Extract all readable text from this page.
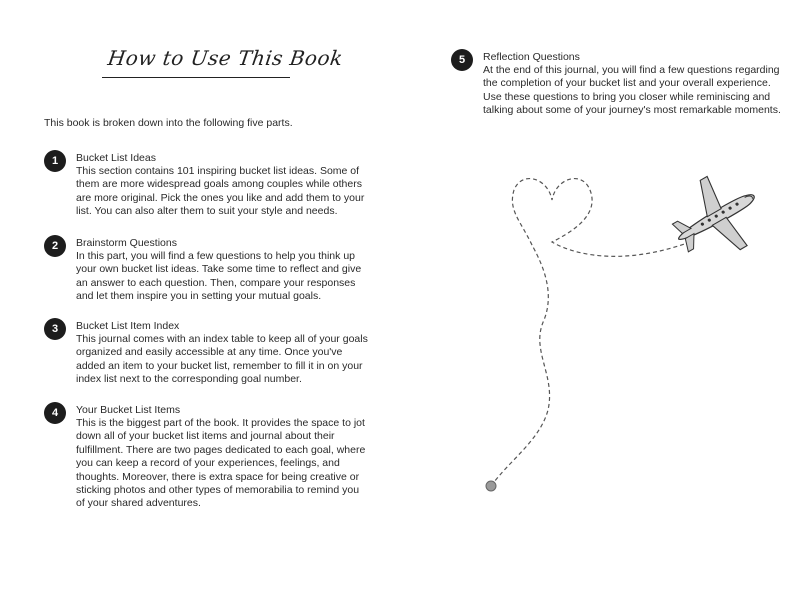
How to Use This Book
This book is broken down into the following five parts.
1	Bucket List Ideas
This section contains 101 inspiring bucket list ideas. Some of them are more widespread goals among couples while others are more original. Pick the ones you like and add them to your list. You can also alter them to suit your style and needs.
2	Brainstorm Questions
In this part, you will find a few questions to help you think up your own bucket list ideas. Take some time to reflect and give an answer to each question. Then, compare your responses and let them inspire you in setting your mutual goals.
3	Bucket List Item Index
This journal comes with an index table to keep all of your goals organized and easily accessible at any time. Once you've added an item to your bucket list, remember to fill it in on your index list next to the corresponding goal number.
4	Your Bucket List Items
This is the biggest part of the book. It provides the space to jot down all of your bucket list items and journal about their fulfillment. There are two pages dedicated to each goal, where you can keep a record of your experiences, feelings, and thoughts. Moreover, there is extra space for being creative or sticking photos and other types of memorabilia to remind you of your shared adventures.
5	Reflection Questions
At the end of this journal, you will find a few questions regarding the completion of your bucket list and your overall experience. Use these questions to bring you closer while reminiscing and talking about some of your journey's most remarkable moments.
